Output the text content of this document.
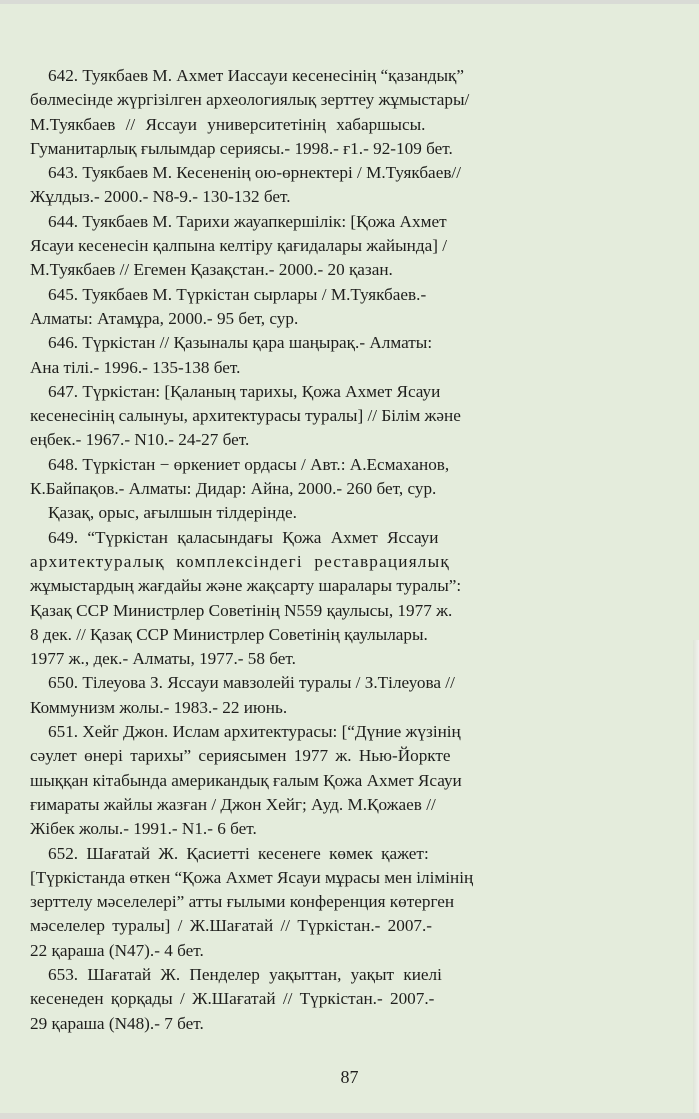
642. Туякбаев М. Ахмет Иассауи кесенесінің “қазандық”
бөлмесінде жүргізілген археологиялық зерттеу жұмыстары/
М.Туякбаев // Яссауи университетінің хабаршысы.
Гуманитарлық ғылымдар сериясы.- 1998.- ғ1.- 92-109 бет.
643. Туякбаев М. Кесененің ою-өрнектері / М.Туякбаев//
Жұлдыз.- 2000.- N8-9.- 130-132 бет.
644. Туякбаев М. Тарихи жауапкершілік: [Қожа Ахмет
Ясауи кесенесін қалпына келтіру қағидалары жайында] /
М.Туякбаев // Егемен Қазақстан.- 2000.- 20 қазан.
645. Туякбаев М. Түркістан сырлары / М.Туякбаев.-
Алматы: Атамұра, 2000.- 95 бет, сур.
646. Түркістан // Қазыналы қара шаңырақ.- Алматы:
Ана тілі.- 1996.- 135-138 бет.
647. Түркістан: [Қаланың тарихы, Қожа Ахмет Ясауи
кесенесінің салынуы, архитектурасы туралы] // Білім және
еңбек.- 1967.- N10.- 24-27 бет.
648. Түркістан − өркениет ордасы / Авт.: А.Есмаханов,
К.Байпақов.- Алматы: Дидар: Айна, 2000.- 260 бет, сур.
Қазақ, орыс, ағылшын тілдерінде.
649. “Түркістан қаласындағы Қожа Ахмет Яссауи
архитектуралық комплексіндегі реставрациялық
жұмыстардың жағдайы және жақсарту шаралары туралы”:
Қазақ ССР Министрлер Советінің N559 қаулысы, 1977 ж.
8 дек. // Қазақ ССР Министрлер Советінің қаулылары.
1977 ж., дек.- Алматы, 1977.- 58 бет.
650. Тілеуова З. Яссауи мавзолейі туралы / З.Тілеуова //
Коммунизм жолы.- 1983.- 22 июнь.
651. Хейг Джон. Ислам архитектурасы: [“Дүние жүзінің
сәулет өнері тарихы” сериясымен 1977 ж. Нью-Йоркте
шыққан кітабында американдық ғалым Қожа Ахмет Ясауи
ғимараты жайлы жазған / Джон Хейг; Ауд. М.Қожаев //
Жібек жолы.- 1991.- N1.- 6 бет.
652. Шағатай Ж. Қасиетті кесенеге көмек қажет:
[Түркістанда өткен “Қожа Ахмет Ясауи мұрасы мен ілімінің
зерттелу мәселелері” атты ғылыми конференция көтерген
мәселелер туралы] / Ж.Шағатай // Түркістан.- 2007.-
22 қараша (N47).- 4 бет.
653. Шағатай Ж. Пенделер уақыттан, уақыт киелі
кесенеден қорқады / Ж.Шағатай // Түркістан.- 2007.-
29 қараша (N48).- 7 бет.
87
